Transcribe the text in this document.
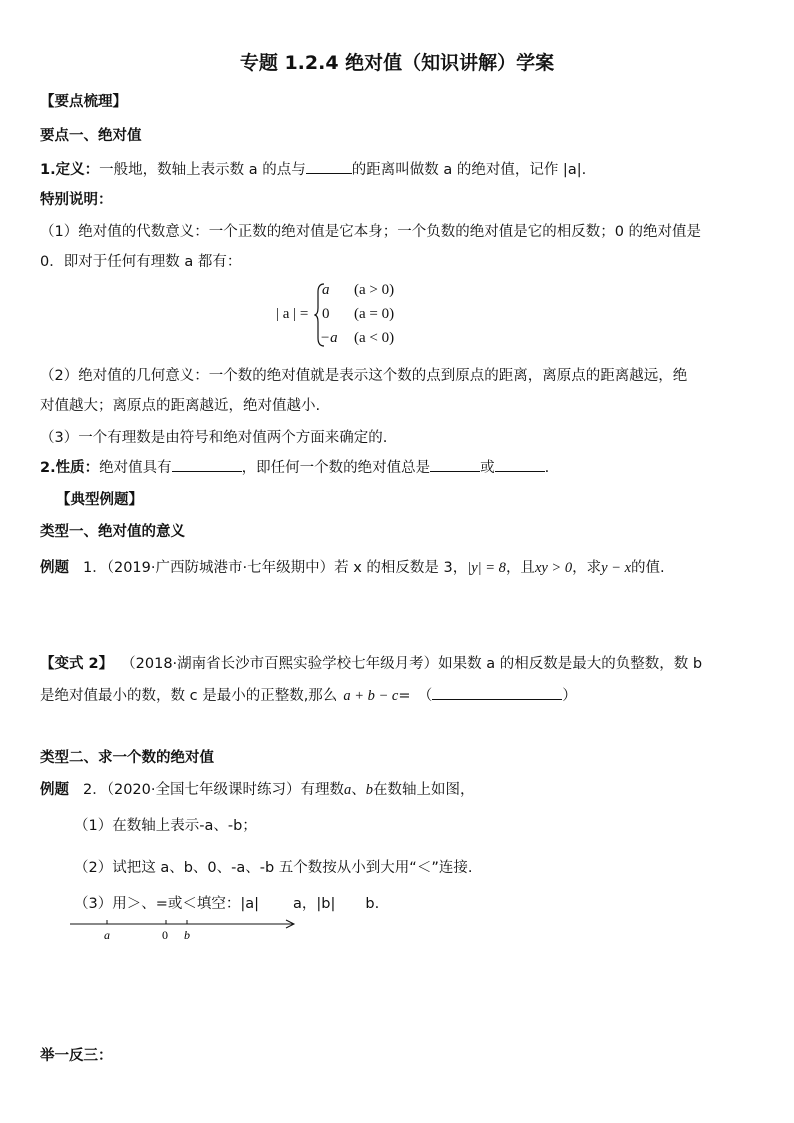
专题 1.2.4 绝对值（知识讲解）学案
【要点梳理】
要点一、绝对值
1.定义：一般地，数轴上表示数 a 的点与	的距离叫做数 a 的绝对值，记作 |a|.
特别说明：
（1）绝对值的代数意义：一个正数的绝对值是它本身；一个负数的绝对值是它的相反数；0 的绝对值是
0．即对于任何有理数 a 都有：
| a | =
a (a > 0)
0 (a = 0)
−a (a < 0)
（2）绝对值的几何意义：一个数的绝对值就是表示这个数的点到原点的距离，离原点的距离越远，绝
对值越大；离原点的距离越近，绝对值越小.
（3）一个有理数是由符号和绝对值两个方面来确定的.
2.性质：绝对值具有	，即任何一个数的绝对值总是	或	.
【典型例题】
类型一、绝对值的意义
例题 1．（2019·广西防城港市·七年级期中）若 x 的相反数是 3，|y| = 8，且xy > 0，求y − x的值.
【变式 2】 （2018·湖南省长沙市百熙实验学校七年级月考）如果数 a 的相反数是最大的负整数，数 b
是绝对值最小的数，数 c 是最小的正整数,那么 a + b − c=　（	）
类型二、求一个数的绝对值
例题 2．（2020·全国七年级课时练习）有理数a、b在数轴上如图，
（1）在数轴上表示-a、-b；
（2）试把这 a、b、0、-a、-b 五个数按从小到大用“＜”连接.
（3）用＞、=或＜填空：|a| a，|b| b.
a	0 b
举一反三：
